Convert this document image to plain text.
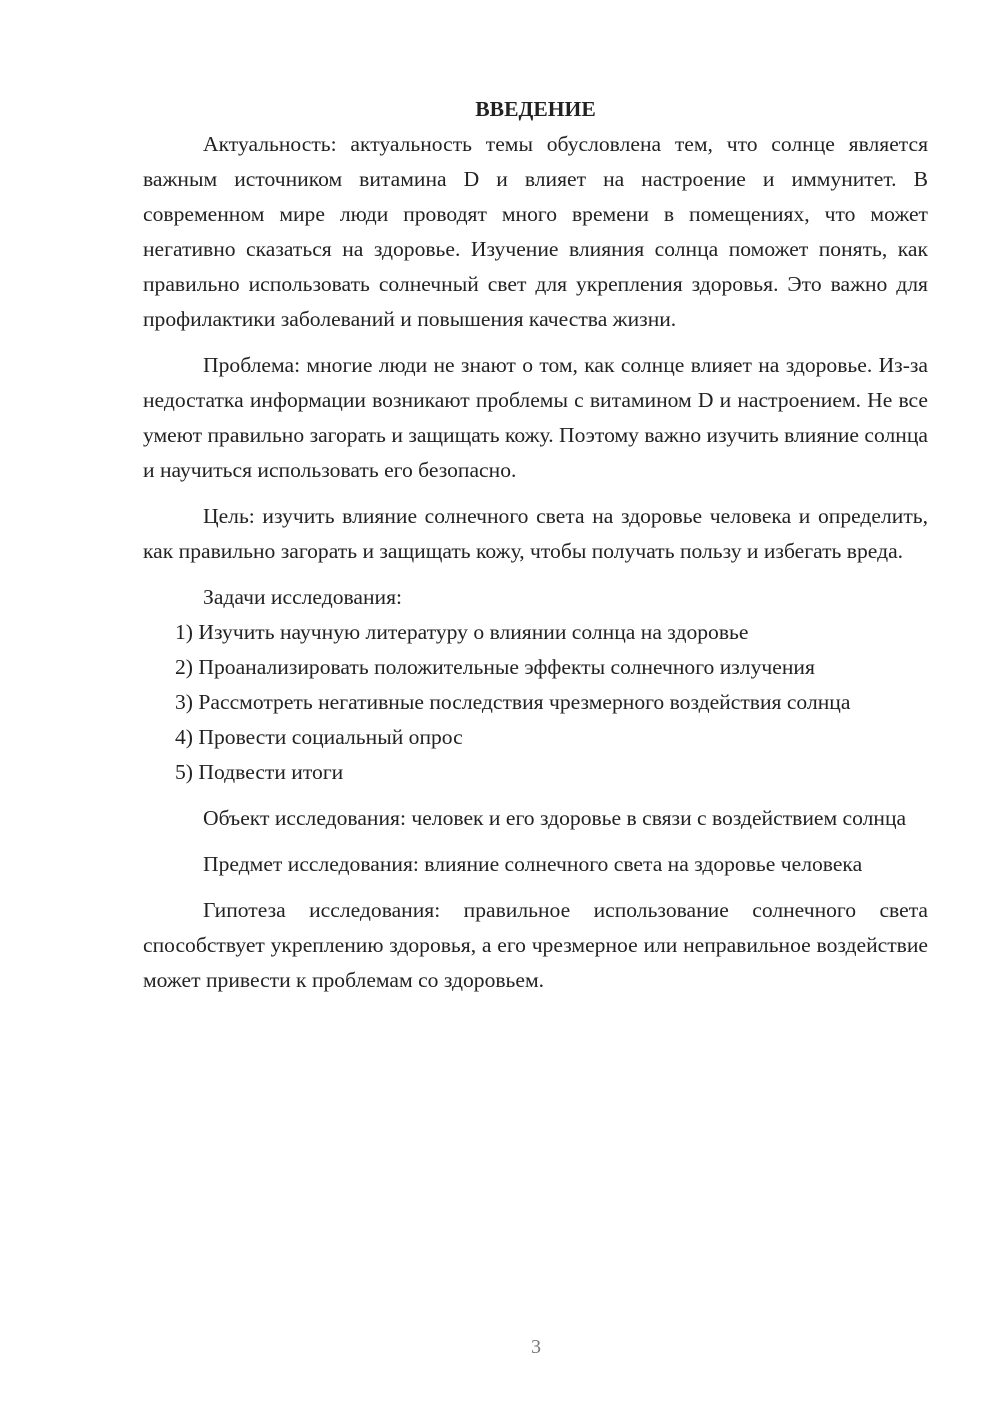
ВВЕДЕНИЕ

Актуальность: актуальность темы обусловлена тем, что солнце является важным источником витамина D и влияет на настроение и иммунитет. В современном мире люди проводят много времени в помещениях, что может негативно сказаться на здоровье. Изучение влияния солнца поможет понять, как правильно использовать солнечный свет для укрепления здоровья. Это важно для профилактики заболеваний и повышения качества жизни.

Проблема: многие люди не знают о том, как солнце влияет на здоровье. Из-за недостатка информации возникают проблемы с витамином D и настроением. Не все умеют правильно загорать и защищать кожу. Поэтому важно изучить влияние солнца и научиться использовать его безопасно.

Цель: изучить влияние солнечного света на здоровье человека и определить, как правильно загорать и защищать кожу, чтобы получать пользу и избегать вреда.

Задачи исследования:

1) Изучить научную литературу о влиянии солнца на здоровье

2) Проанализировать положительные эффекты солнечного излучения

3) Рассмотреть негативные последствия чрезмерного воздействия солнца

4) Провести социальный опрос

5) Подвести итоги

Объект исследования: человек и его здоровье в связи с воздействием солнца

Предмет исследования: влияние солнечного света на здоровье человека

Гипотеза исследования: правильное использование солнечного света способствует укреплению здоровья, а его чрезмерное или неправильное воздействие может привести к проблемам со здоровьем.

3
